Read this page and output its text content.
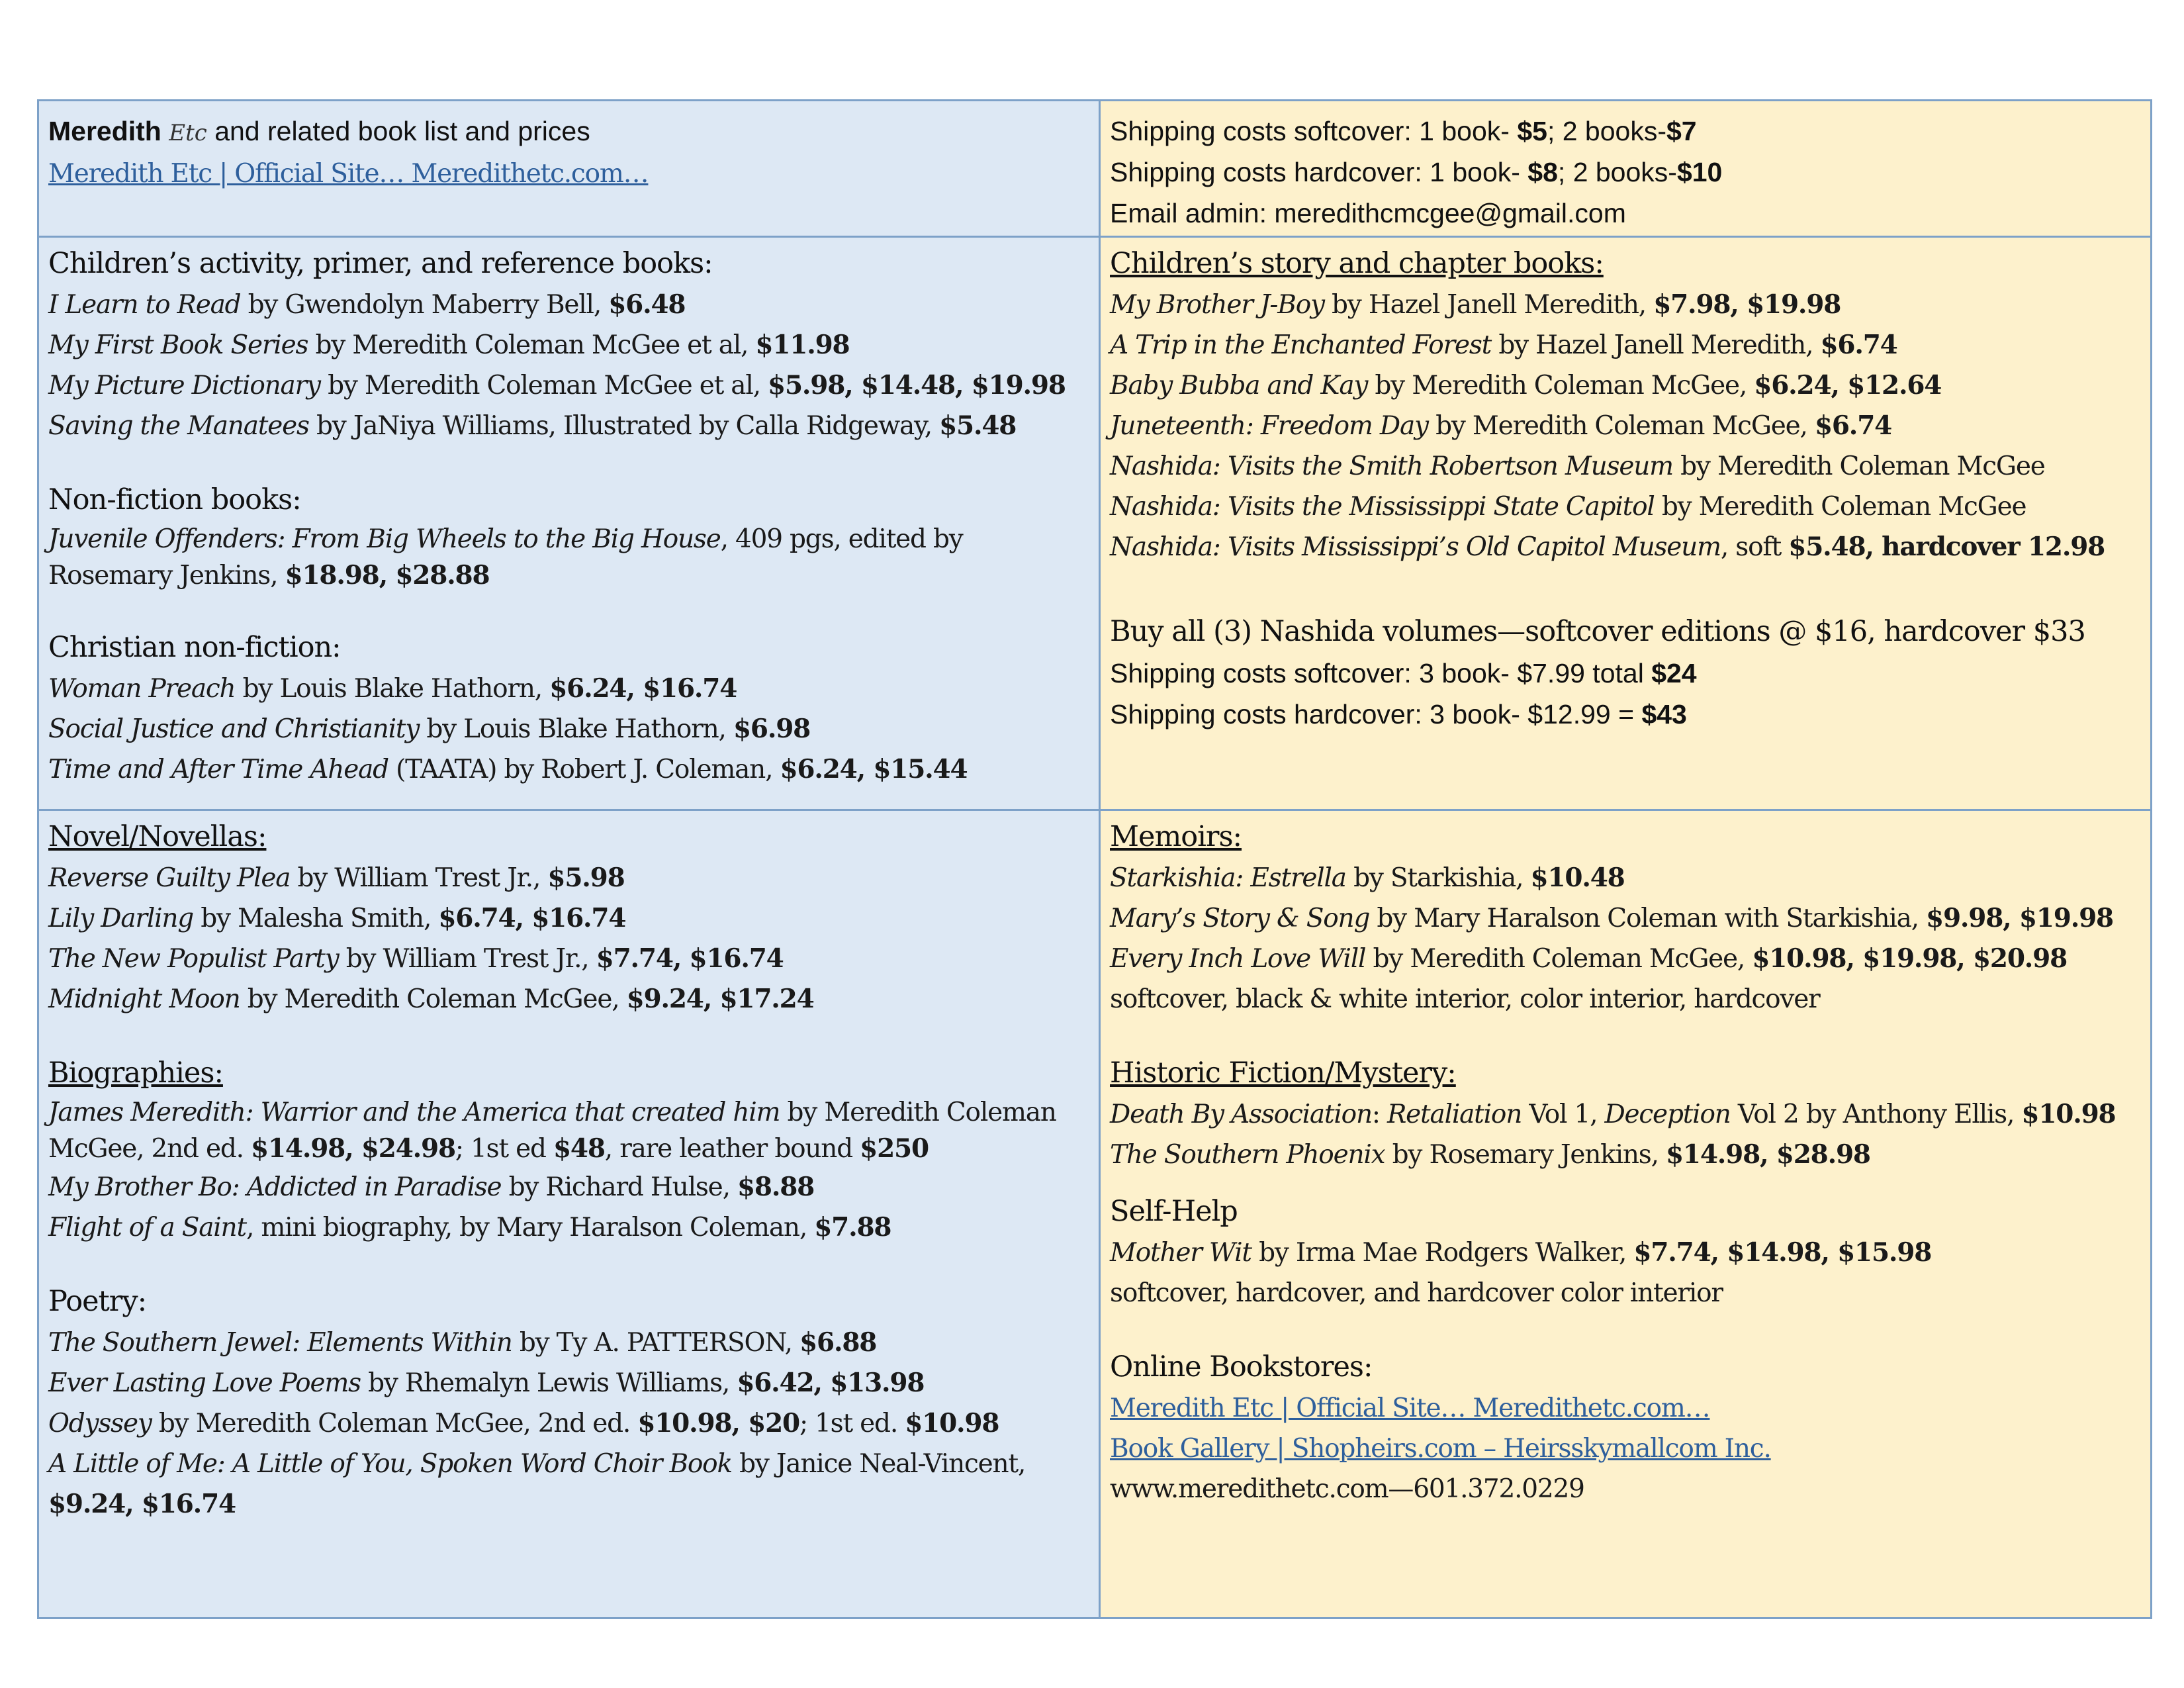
Meredith Etc and related book list and prices
Meredith Etc | Official Site… Meredithetc.com…
Shipping costs softcover: 1 book- $5; 2 books-$7
Shipping costs hardcover: 1 book- $8; 2 books-$10
Email admin: meredithcmcgee@gmail.com
Children’s activity, primer, and reference books:
I Learn to Read by Gwendolyn Maberry Bell, $6.48
My First Book Series by Meredith Coleman McGee et al, $11.98
My Picture Dictionary by Meredith Coleman McGee et al, $5.98, $14.48, $19.98
Saving the Manatees by JaNiya Williams, Illustrated by Calla Ridgeway, $5.48
Non-fiction books:
Juvenile Offenders: From Big Wheels to the Big House, 409 pgs, edited by Rosemary Jenkins, $18.98, $28.88
Christian non-fiction:
Woman Preach by Louis Blake Hathorn, $6.24, $16.74
Social Justice and Christianity by Louis Blake Hathorn, $6.98
Time and After Time Ahead (TAATA) by Robert J. Coleman, $6.24, $15.44
Children’s story and chapter books:
My Brother J-Boy by Hazel Janell Meredith, $7.98, $19.98
A Trip in the Enchanted Forest by Hazel Janell Meredith, $6.74
Baby Bubba and Kay by Meredith Coleman McGee, $6.24, $12.64
Juneteenth: Freedom Day by Meredith Coleman McGee, $6.74
Nashida: Visits the Smith Robertson Museum by Meredith Coleman McGee
Nashida: Visits the Mississippi State Capitol by Meredith Coleman McGee
Nashida: Visits Mississippi’s Old Capitol Museum, soft $5.48, hardcover 12.98
Buy all (3) Nashida volumes—softcover editions @ $16, hardcover $33
Shipping costs softcover: 3 book- $7.99 total $24
Shipping costs hardcover: 3 book- $12.99 = $43
Novel/Novellas:
Reverse Guilty Plea by William Trest Jr., $5.98
Lily Darling by Malesha Smith, $6.74, $16.74
The New Populist Party by William Trest Jr., $7.74, $16.74
Midnight Moon by Meredith Coleman McGee, $9.24, $17.24
Biographies:
James Meredith: Warrior and the America that created him by Meredith Coleman McGee, 2nd ed. $14.98, $24.98; 1st ed $48, rare leather bound $250
My Brother Bo: Addicted in Paradise by Richard Hulse, $8.88
Flight of a Saint, mini biography, by Mary Haralson Coleman, $7.88
Poetry:
The Southern Jewel: Elements Within by Ty A. PATTERSON, $6.88
Ever Lasting Love Poems by Rhemalyn Lewis Williams, $6.42, $13.98
Odyssey by Meredith Coleman McGee, 2nd ed. $10.98, $20; 1st ed. $10.98
A Little of Me: A Little of You, Spoken Word Choir Book by Janice Neal-Vincent,
$9.24, $16.74
Memoirs:
Starkishia: Estrella by Starkishia, $10.48
Mary’s Story & Song by Mary Haralson Coleman with Starkishia, $9.98, $19.98
Every Inch Love Will by Meredith Coleman McGee, $10.98, $19.98, $20.98
softcover, black & white interior, color interior, hardcover
Historic Fiction/Mystery:
Death By Association: Retaliation Vol 1, Deception Vol 2 by Anthony Ellis, $10.98
The Southern Phoenix by Rosemary Jenkins, $14.98, $28.98
Self-Help
Mother Wit by Irma Mae Rodgers Walker, $7.74, $14.98, $15.98
softcover, hardcover, and hardcover color interior
Online Bookstores:
Meredith Etc | Official Site… Meredithetc.com…
Book Gallery | Shopheirs.com – Heirsskymallcom Inc.
www.meredithetc.com—601.372.0229
